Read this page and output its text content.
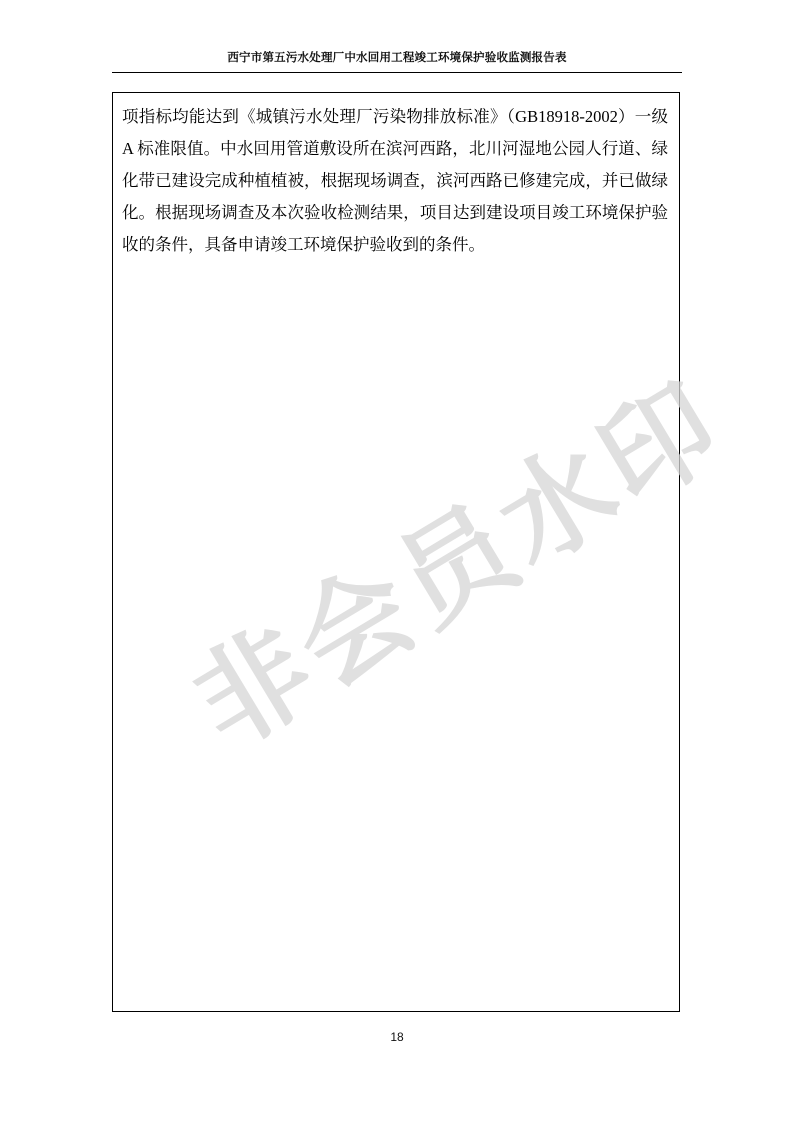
西宁市第五污水处理厂中水回用工程竣工环境保护验收监测报告表
项指标均能达到《城镇污水处理厂污染物排放标准》（GB18918-2002）一级 A 标准限值。中水回用管道敷设所在滨河西路，北川河湿地公园人行道、绿化带已建设完成种植植被，根据现场调查，滨河西路已修建完成，并已做绿化。根据现场调查及本次验收检测结果，项目达到建设项目竣工环境保护验收的条件，具备申请竣工环境保护验收到的条件。
非会员水印
18
